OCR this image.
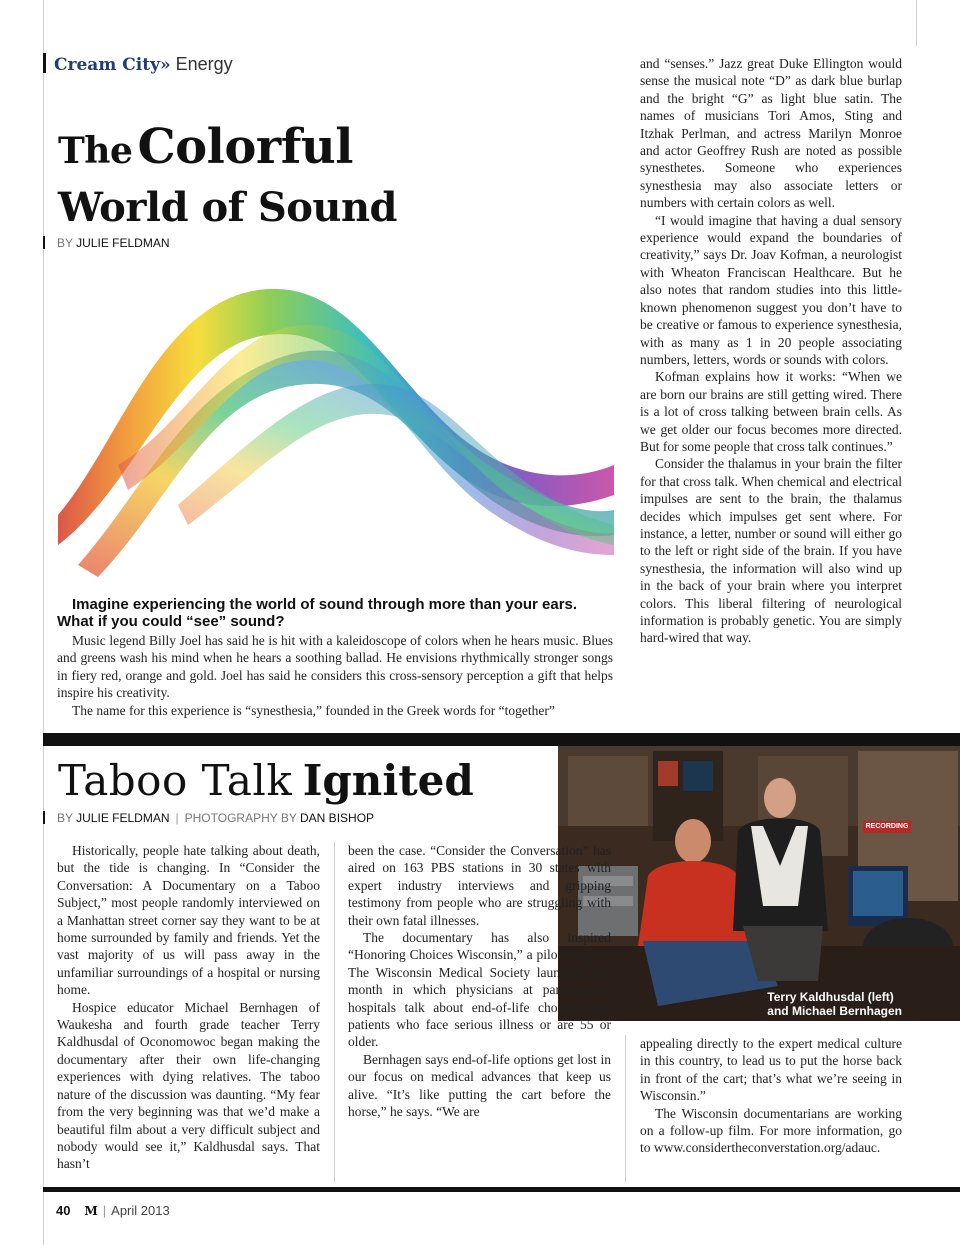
Cream City» Energy
The Colorful
World of Sound
BY JULIE FELDMAN
Imagine experiencing the world of sound through more than your ears. What if you could “see” sound?

Music legend Billy Joel has said he is hit with a kaleidoscope of colors when he hears music. Blues and greens wash his mind when he hears a soothing ballad. He envisions rhythmically stronger songs in fiery red, orange and gold. Joel has said he considers this cross-sensory perception a gift that helps inspire his creativity.

The name for this experience is “synesthesia,” founded in the Greek words for “together”

and “senses.” Jazz great Duke Ellington would sense the musical note “D” as dark blue burlap and the bright “G” as light blue satin. The names of musicians Tori Amos, Sting and Itzhak Perlman, and actress Marilyn Monroe and actor Geoffrey Rush are noted as possible synesthetes. Someone who experiences synesthesia may also associate letters or numbers with certain colors as well.

“I would imagine that having a dual sensory experience would expand the boundaries of creativity,” says Dr. Joav Kofman, a neurologist with Wheaton Franciscan Healthcare. But he also notes that random studies into this little-known phenomenon suggest you don’t have to be creative or famous to experience synesthesia, with as many as 1 in 20 people associating numbers, letters, words or sounds with colors.

Kofman explains how it works: “When we are born our brains are still getting wired. There is a lot of cross talking between brain cells. As we get older our focus becomes more directed. But for some people that cross talk continues.”

Consider the thalamus in your brain the filter for that cross talk. When chemical and electrical impulses are sent to the brain, the thalamus decides which impulses get sent where. For instance, a letter, number or sound will either go to the left or right side of the brain. If you have synesthesia, the information will also wind up in the back of your brain where you interpret colors. This liberal filtering of neurological information is probably genetic. You are simply hard-wired that way.

Taboo Talk Ignited
BY JULIE FELDMAN | PHOTOGRAPHY BY DAN BISHOP
RECORDING
Terry Kaldhusdal (left)
and Michael Bernhagen

Historically, people hate talking about death, but the tide is changing. In “Consider the Conversation: A Documentary on a Taboo Subject,” most people randomly interviewed on a Manhattan street corner say they want to be at home surrounded by family and friends. Yet the vast majority of us will pass away in the unfamiliar surroundings of a hospital or nursing home.

Hospice educator Michael Bernhagen of Waukesha and fourth grade teacher Terry Kaldhusdal of Oconomowoc began making the documentary after their own life-changing experiences with dying relatives. The taboo nature of the discussion was daunting. “My fear from the very beginning was that we’d make a beautiful film about a very difficult subject and nobody would see it,” Kaldhusdal says. That hasn’t

been the case. “Consider the Conversation” has aired on 163 PBS stations in 30 states with expert industry interviews and gripping testimony from people who are struggling with their own fatal illnesses.

The documentary has also inspired “Honoring Choices Wisconsin,” a pilot program The Wisconsin Medical Society launched last month in which physicians at participating hospitals talk about end-of-life choices with patients who face serious illness or are 55 or older.

Bernhagen says end-of-life options get lost in our focus on medical advances that keep us alive. “It’s like putting the cart before the horse,” he says. “We are

appealing directly to the expert medical culture in this country, to lead us to put the horse back in front of the cart; that’s what we’re seeing in Wisconsin.”

The Wisconsin documentarians are working on a follow-up film. For more information, go to www.considertheconverstation.org/adauc.

40 M | April 2013
